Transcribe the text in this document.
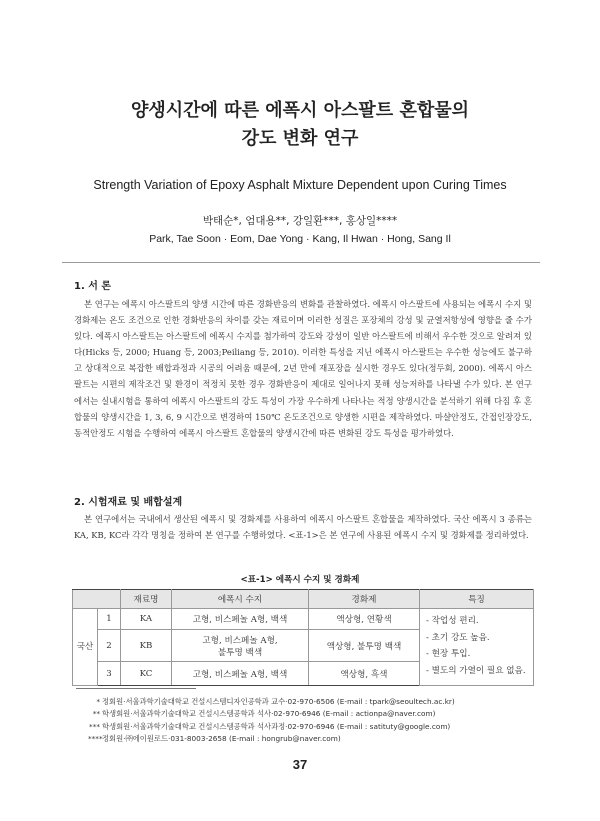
양생시간에 따른 에폭시 아스팔트 혼합물의
강도 변화 연구
Strength Variation of Epoxy Asphalt Mixture Dependent upon Curing Times
박태순*, 엄대용**, 강일환***, 홍상일****
Park, Tae Soon · Eom, Dae Yong · Kang, Il Hwan · Hong, Sang Il
1. 서 론

본 연구는 에폭시 아스팔트의 양생 시간에 따른 경화반응의 변화를 관찰하였다. 에폭시 아스팔트에 사용되는 에폭시 수지 및 경화제는 온도 조건으로 인한 경화반응의 차이를 갖는 재료이며 이러한 성질은 포장체의 강성 및 균열저항성에 영향을 줄 수가 있다. 에폭시 아스팔트는 아스팔트에 에폭시 수지를 첨가하여 강도와 강성이 일반 아스팔트에 비해서 우수한 것으로 알려져 있다(Hicks 등, 2000; Huang 등, 2003;Peiliang 등, 2010). 이러한 특성을 지닌 에폭시 아스팔트는 우수한 성능에도 불구하고 상대적으로 복잡한 배합과정과 시공의 어려움 때문에, 2년 만에 재포장을 실시한 경우도 있다(정두회, 2000). 에폭시 아스팔트는 시편의 제작조건 및 환경이 적정치 못한 경우 경화반응이 제대로 일어나지 못해 성능저하를 나타낼 수가 있다. 본 연구에서는 실내시험을 통하여 에폭시 아스팔트의 강도 특성이 가장 우수하게 나타나는 적정 양생시간을 분석하기 위해 다짐 후 혼합물의 양생시간을 1, 3, 6, 9 시간으로 변경하여 150℃ 온도조건으로 양생한 시편을 제작하였다. 마샬안정도, 간접인장강도, 동적안정도 시험을 수행하여 에폭시 아스팔트 혼합물의 양생시간에 따른 변화된 강도 특성을 평가하였다.

2. 시험재료 및 배합설계

본 연구에서는 국내에서 생산된 에폭시 및 경화제를 사용하여 에폭시 아스팔트 혼합물을 제작하였다. 국산 에폭시 3 종류는 KA, KB, KC라 각각 명칭을 정하여 본 연구를 수행하였다. <표-1>은 본 연구에 사용된 에폭시 수지 및 경화제를 정리하였다.

<표-1> 에폭시 수지 및 경화제
		재료명	에폭시 수지	경화제	특징
국산	1	KA	고형, 비스페놀 A형, 백색	액상형, 연황색	- 작업성 편리.
- 초기 강도 높음.
- 현장 투입.
- 별도의 가열이 필요 없음.

	2	KB	고형, 비스페놀 A형,
불투명 백색	액상형, 불투명 백색	
	3	KC	고형, 비스페놀 A형, 백색	액상형, 흑색	
* 정회원·서울과학기술대학교 건설시스템디자인공학과 교수·02-970-6506 (E-mail : tpark@seoultech.ac.kr)
** 학생회원·서울과학기술대학교 건설시스템공학과 석사·02-970-6946 (E-mail : actionpa@naver.com)
*** 학생회원·서울과학기술대학교 건설시스템공학과 석사과정·02-970-6946 (E-mail : satituty@google.com)
**** 정회원·㈜에이원로드·031-8003-2658 (E-mail : hongrub@naver.com)
37
